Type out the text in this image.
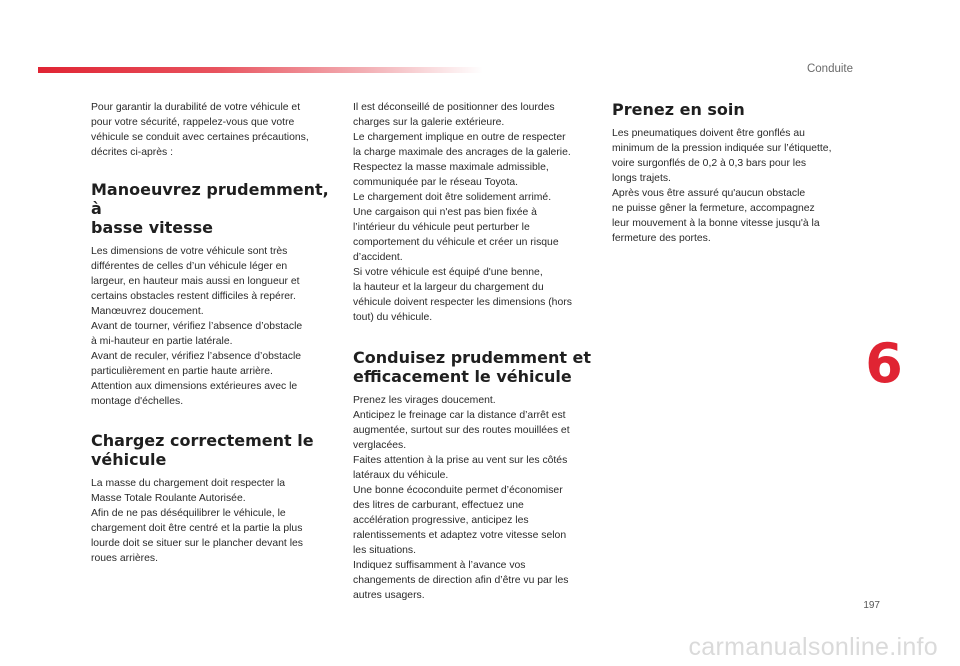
Conduite

Pour garantir la durabilité de votre véhicule et
pour votre sécurité, rappelez-vous que votre
véhicule se conduit avec certaines précautions,
décrites ci-après :

Manoeuvrez prudemment, à
basse vitesse

Les dimensions de votre véhicule sont très
différentes de celles d’un véhicule léger en
largeur, en hauteur mais aussi en longueur et
certains obstacles restent difficiles à repérer.
Manœuvrez doucement.
Avant de tourner, vérifiez l’absence d’obstacle
à mi-hauteur en partie latérale.
Avant de reculer, vérifiez l’absence d’obstacle
particulièrement en partie haute arrière.
Attention aux dimensions extérieures avec le
montage d'échelles.

Chargez correctement le
véhicule

La masse du chargement doit respecter la
Masse Totale Roulante Autorisée.
Afin de ne pas déséquilibrer le véhicule, le
chargement doit être centré et la partie la plus
lourde doit se situer sur le plancher devant les
roues arrières.

Il est déconseillé de positionner des lourdes
charges sur la galerie extérieure.
Le chargement implique en outre de respecter
la charge maximale des ancrages de la galerie.
Respectez la masse maximale admissible,
communiquée par le réseau Toyota.
Le chargement doit être solidement arrimé.
Une cargaison qui n'est pas bien fixée à
l’intérieur du véhicule peut perturber le
comportement du véhicule et créer un risque
d’accident.
Si votre véhicule est équipé d'une benne,
la hauteur et la largeur du chargement du
véhicule doivent respecter les dimensions (hors
tout) du véhicule.

Conduisez prudemment et
efficacement le véhicule

Prenez les virages doucement.
Anticipez le freinage car la distance d’arrêt est
augmentée, surtout sur des routes mouillées et
verglacées.
Faites attention à la prise au vent sur les côtés
latéraux du véhicule.
Une bonne écoconduite permet d’économiser
des litres de carburant, effectuez une
accélération progressive, anticipez les
ralentissements et adaptez votre vitesse selon
les situations.
Indiquez suffisamment à l’avance vos
changements de direction afin d’être vu par les
autres usagers.

Prenez en soin

Les pneumatiques doivent être gonflés au
minimum de la pression indiquée sur l’étiquette,
voire surgonflés de 0,2 à 0,3 bars pour les
longs trajets.
Après vous être assuré qu'aucun obstacle
ne puisse gêner la fermeture, accompagnez
leur mouvement à la bonne vitesse jusqu'à la
fermeture des portes.

6
197
carmanualsonline.info
